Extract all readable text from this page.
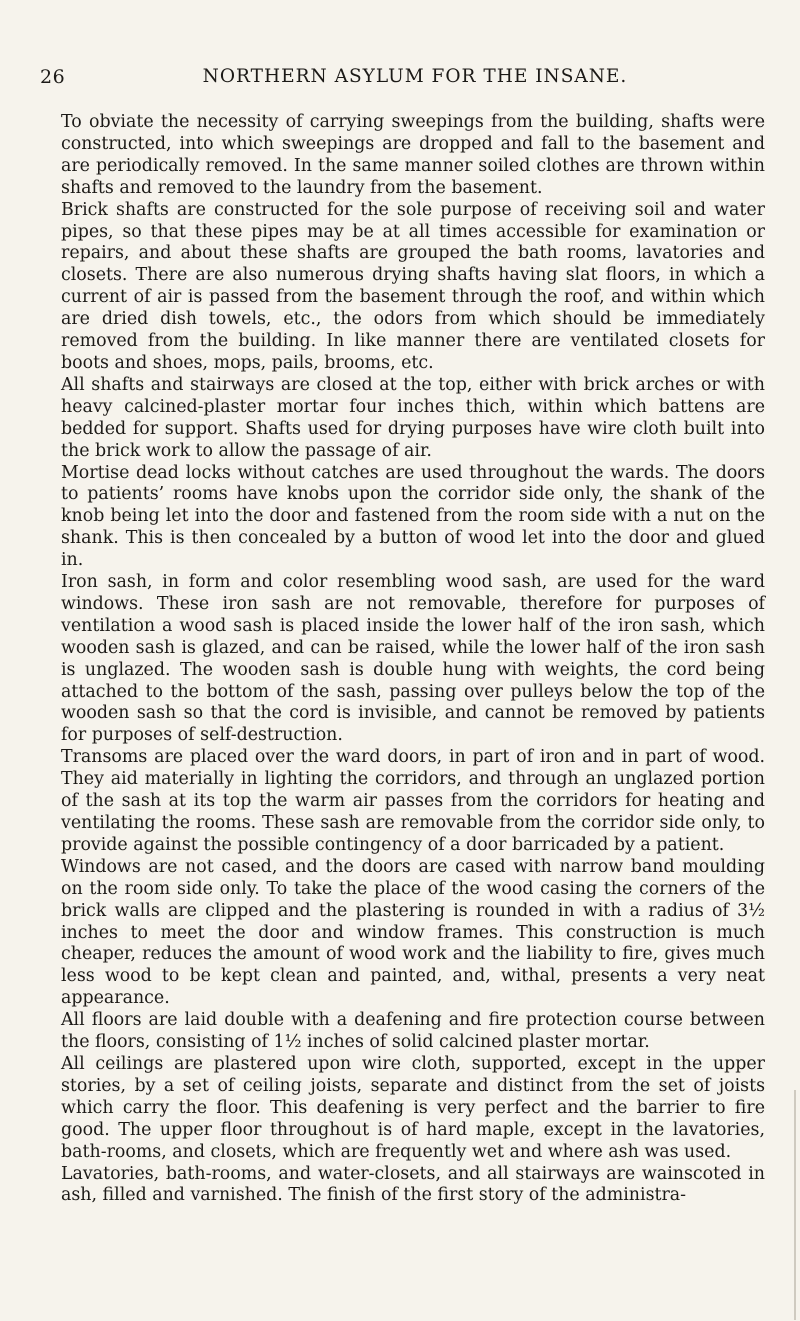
26	NORTHERN ASYLUM FOR THE INSANE.

To obviate the necessity of carrying sweepings from the building, shafts were constructed, into which sweepings are dropped and fall to the basement and are periodically removed. In the same manner soiled clothes are thrown within shafts and removed to the laundry from the basement.

Brick shafts are constructed for the sole purpose of receiving soil and water pipes, so that these pipes may be at all times accessible for examination or repairs, and about these shafts are grouped the bath rooms, lavatories and closets. There are also numerous drying shafts having slat floors, in which a current of air is passed from the basement through the roof, and within which are dried dish towels, etc., the odors from which should be immediately removed from the building. In like manner there are ventilated closets for boots and shoes, mops, pails, brooms, etc.

All shafts and stairways are closed at the top, either with brick arches or with heavy calcined-plaster mortar four inches thich, within which battens are bedded for support. Shafts used for drying purposes have wire cloth built into the brick work to allow the passage of air.

Mortise dead locks without catches are used throughout the wards. The doors to patients’ rooms have knobs upon the corridor side only, the shank of the knob being let into the door and fastened from the room side with a nut on the shank. This is then concealed by a button of wood let into the door and glued in.

Iron sash, in form and color resembling wood sash, are used for the ward windows. These iron sash are not removable, therefore for purposes of ventilation a wood sash is placed inside the lower half of the iron sash, which wooden sash is glazed, and can be raised, while the lower half of the iron sash is unglazed. The wooden sash is double hung with weights, the cord being attached to the bottom of the sash, passing over pulleys below the top of the wooden sash so that the cord is invisible, and cannot be removed by patients for purposes of self-destruction.

Transoms are placed over the ward doors, in part of iron and in part of wood. They aid materially in lighting the corridors, and through an unglazed portion of the sash at its top the warm air passes from the corridors for heating and ventilating the rooms. These sash are removable from the corridor side only, to provide against the possible contingency of a door barricaded by a patient.

Windows are not cased, and the doors are cased with narrow band moulding on the room side only. To take the place of the wood casing the corners of the brick walls are clipped and the plastering is rounded in with a radius of 3½ inches to meet the door and window frames. This construction is much cheaper, reduces the amount of wood work and the liability to fire, gives much less wood to be kept clean and painted, and, withal, presents a very neat appearance.

All floors are laid double with a deafening and fire protection course between the floors, consisting of 1½ inches of solid calcined plaster mortar.

All ceilings are plastered upon wire cloth, supported, except in the upper stories, by a set of ceiling joists, separate and distinct from the set of joists which carry the floor. This deafening is very perfect and the barrier to fire good. The upper floor throughout is of hard maple, except in the lavatories, bath-rooms, and closets, which are frequently wet and where ash was used.

Lavatories, bath-rooms, and water-closets, and all stairways are wainscoted in ash, filled and varnished. The finish of the first story of the administra-
